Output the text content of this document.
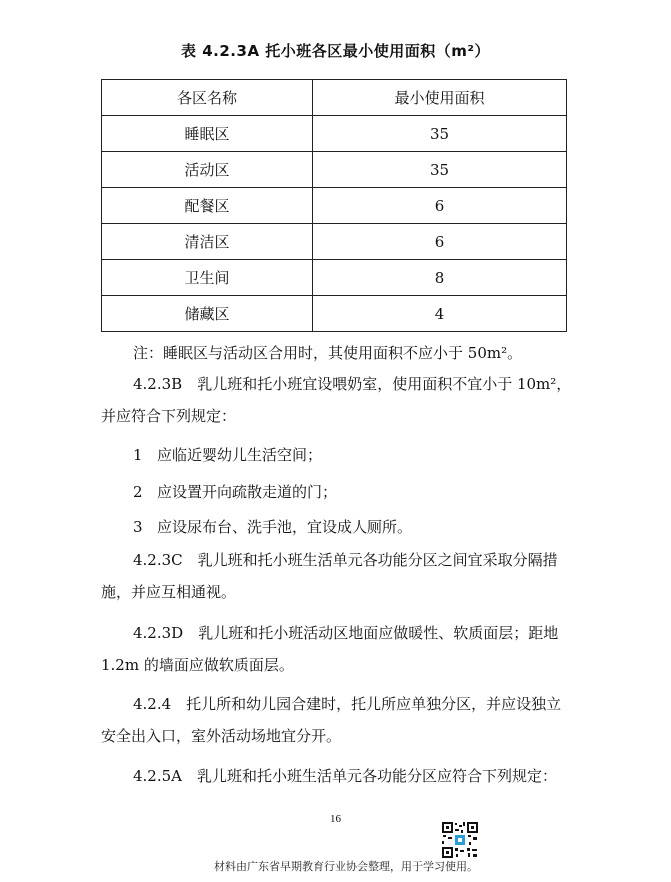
表 4.2.3A 托小班各区最小使用面积（m²）
各区名称	最小使用面积
睡眠区	35
活动区	35
配餐区	6
清洁区	6
卫生间	8
储藏区	4
注：睡眠区与活动区合用时，其使用面积不应小于 50m²。
4.2.3B　乳儿班和托小班宜设喂奶室，使用面积不宜小于 10m²，
并应符合下列规定：
1 应临近婴幼儿生活空间；
2 应设置开向疏散走道的门；
3 应设尿布台、洗手池，宜设成人厕所。
4.2.3C　乳儿班和托小班生活单元各功能分区之间宜采取分隔措
施，并应互相通视。
4.2.3D　乳儿班和托小班活动区地面应做暖性、软质面层；距地
1.2m 的墙面应做软质面层。
4.2.4　托儿所和幼儿园合建时，托儿所应单独分区，并应设独立
安全出入口，室外活动场地宜分开。
4.2.5A　乳儿班和托小班生活单元各功能分区应符合下列规定：
16
材料由广东省早期教育行业协会整理，用于学习使用。
